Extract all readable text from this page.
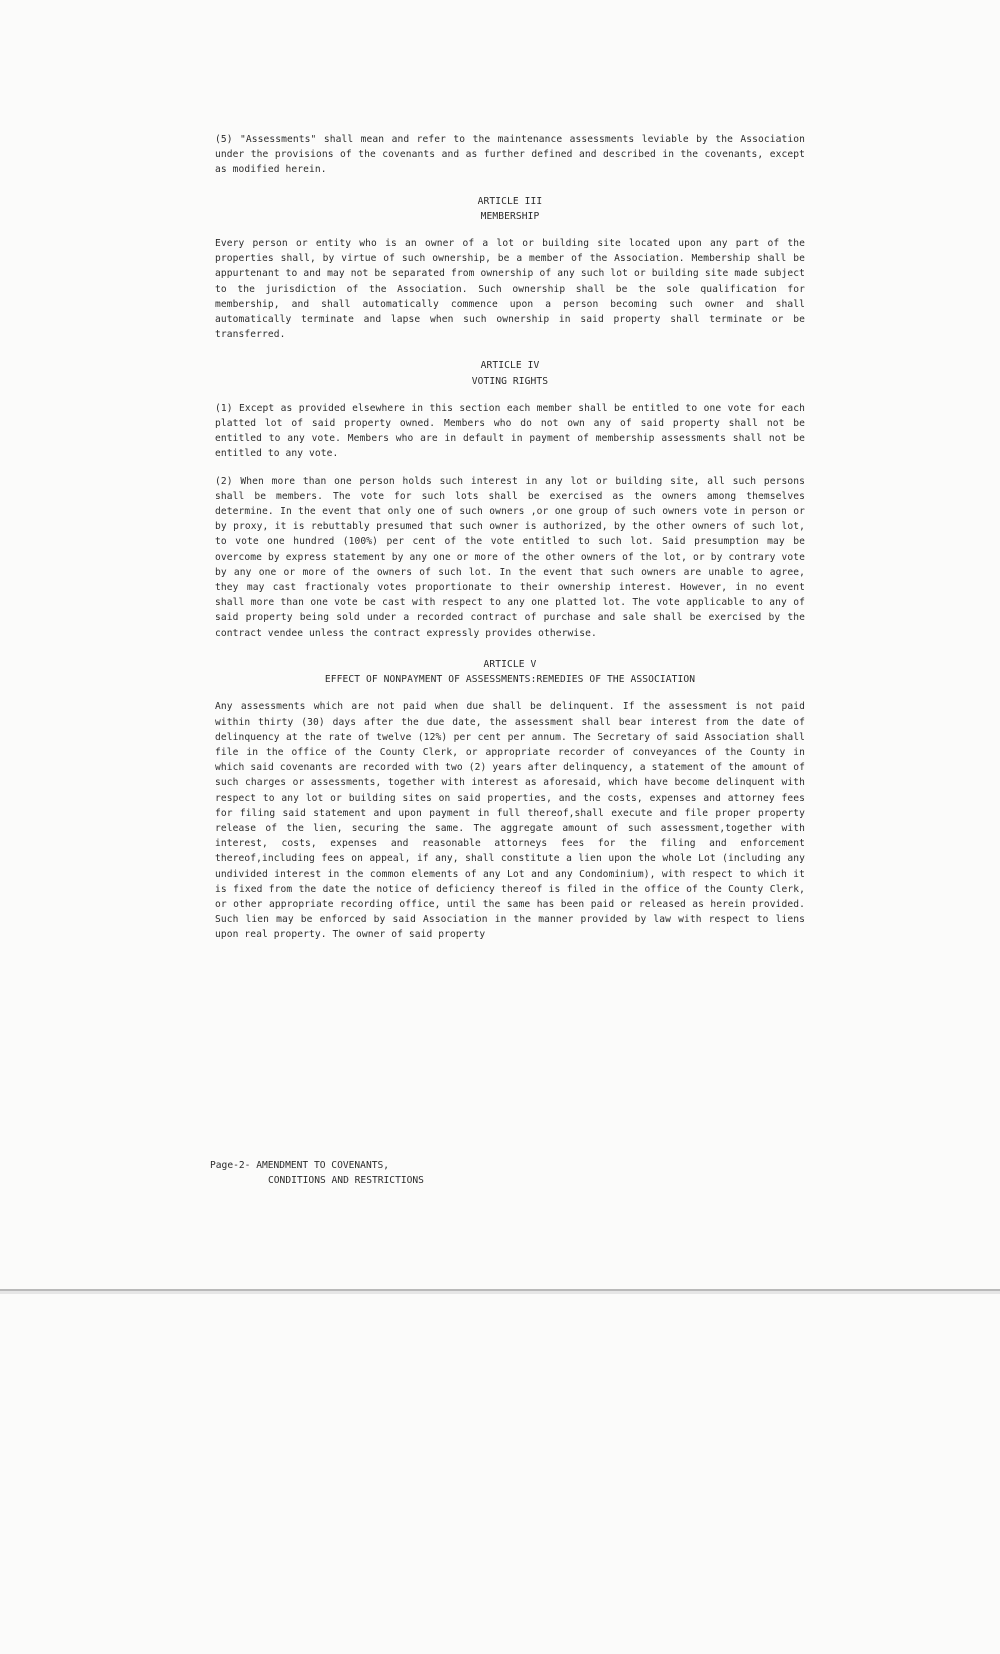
(5) "Assessments" shall mean and refer to the maintenance assessments leviable by the Association under the provisions of the covenants and as further defined and described in the covenants, except as modified herein.

ARTICLE III

MEMBERSHIP

Every person or entity who is an owner of a lot or building site located upon any part of the properties shall, by virtue of such ownership, be a member of the Association. Membership shall be appurtenant to and may not be separated from ownership of any such lot or building site made subject to the jurisdiction of the Association. Such ownership shall be the sole qualification for membership, and shall automatically commence upon a person becoming such owner and shall automatically terminate and lapse when such ownership in said property shall terminate or be transferred.

ARTICLE IV

VOTING RIGHTS

(1) Except as provided elsewhere in this section each member shall be entitled to one vote for each platted lot of said property owned. Members who do not own any of said property shall not be entitled to any vote. Members who are in default in payment of membership assessments shall not be entitled to any vote.

(2) When more than one person holds such interest in any lot or building site, all such persons shall be members. The vote for such lots shall be exercised as the owners among themselves determine. In the event that only one of such owners ,or one group of such owners vote in person or by proxy, it is rebuttably presumed that such owner is authorized, by the other owners of such lot, to vote one hundred (100%) per cent of the vote entitled to such lot. Said presumption may be overcome by express statement by any one or more of the other owners of the lot, or by contrary vote by any one or more of the owners of such lot. In the event that such owners are unable to agree, they may cast fractionaly votes proportionate to their ownership interest. However, in no event shall more than one vote be cast with respect to any one platted lot. The vote applicable to any of said property being sold under a recorded contract of purchase and sale shall be exercised by the contract vendee unless the contract expressly provides otherwise.

ARTICLE V

EFFECT OF NONPAYMENT OF ASSESSMENTS:REMEDIES OF THE ASSOCIATION

Any assessments which are not paid when due shall be delinquent. If the assessment is not paid within thirty (30) days after the due date, the assessment shall bear interest from the date of delinquency at the rate of twelve (12%) per cent per annum. The Secretary of said Association shall file in the office of the County Clerk, or appropriate recorder of conveyances of the County in which said covenants are recorded with two (2) years after delinquency, a statement of the amount of such charges or assessments, together with interest as aforesaid, which have become delinquent with respect to any lot or building sites on said properties, and the costs, expenses and attorney fees for filing said statement and upon payment in full thereof,shall execute and file proper property release of the lien, securing the same. The aggregate amount of such assessment,together with interest, costs, expenses and reasonable attorneys fees for the filing and enforcement thereof,including fees on appeal, if any, shall constitute a lien upon the whole Lot (including any undivided interest in the common elements of any Lot and any Condominium), with respect to which it is fixed from the date the notice of deficiency thereof is filed in the office of the County Clerk, or other appropriate recording office, until the same has been paid or released as herein provided. Such lien may be enforced by said Association in the manner provided by law with respect to liens upon real property. The owner of said property

Page-2- AMENDMENT TO COVENANTS,
CONDITIONS AND RESTRICTIONS
